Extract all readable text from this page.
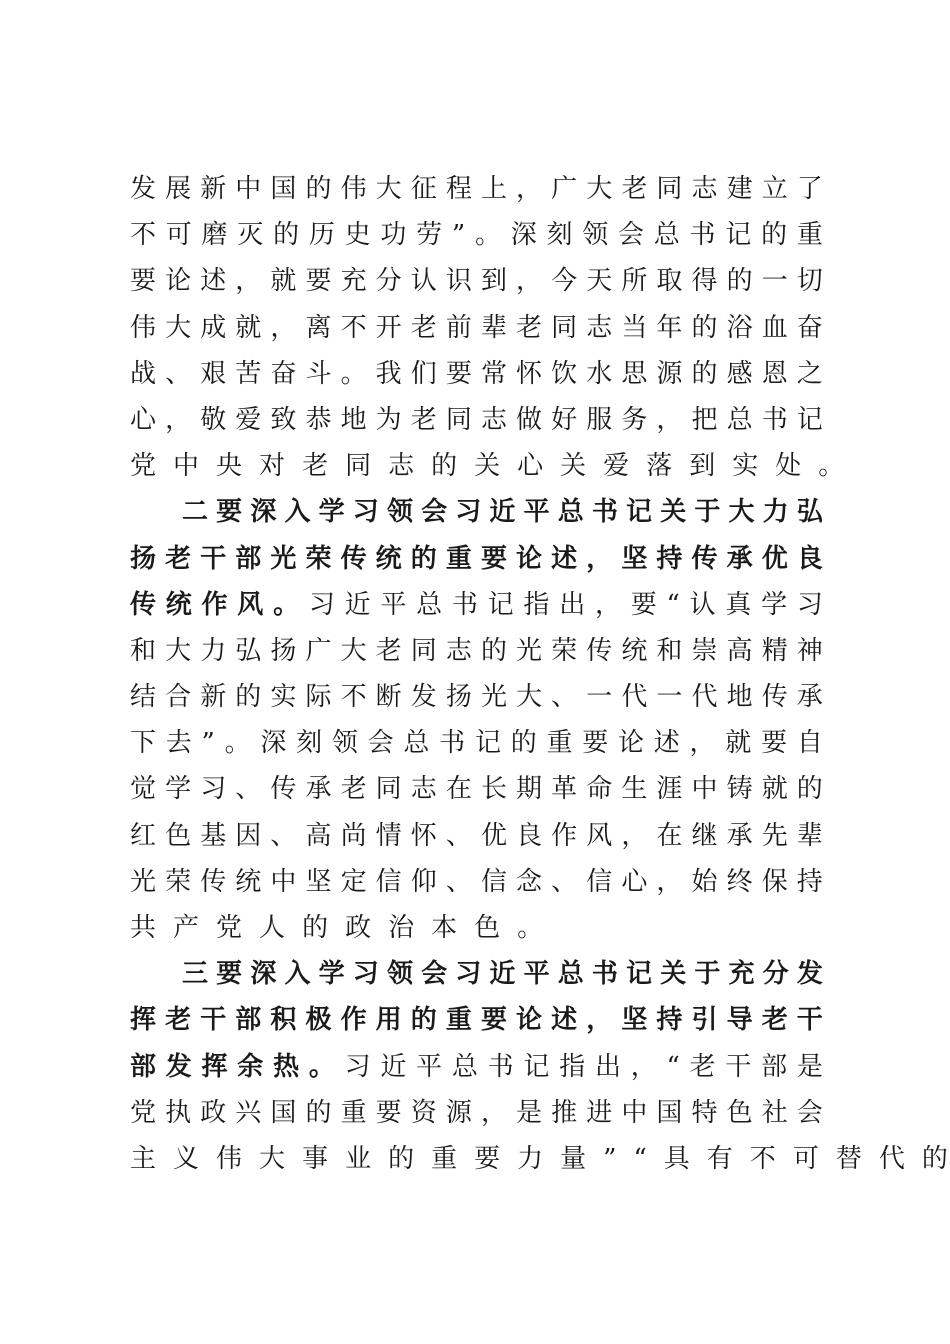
发 展 新 中 国 的 伟 大 征 程 上 ， 广 大 老 同 志 建 立 了
不 可 磨 灭 的 历 史 功 劳 ” 。 深 刻 领 会 总 书 记 的 重
要 论 述 ， 就 要 充 分 认 识 到 ， 今 天 所 取 得 的 一 切
伟 大 成 就 ， 离 不 开 老 前 辈 老 同 志 当 年 的 浴 血 奋
战 、 艰 苦 奋 斗 。 我 们 要 常 怀 饮 水 思 源 的 感 恩 之
心 ， 敬 爱 致 恭 地 为 老 同 志 做 好 服 务 ， 把 总 书 记
党 中 央 对 老 同 志 的 关 心 关 爱 落 到 实 处 。
二 要 深 入 学 习 领 会 习 近 平 总 书 记 关 于 大 力 弘
扬 老 干 部 光 荣 传 统 的 重 要 论 述 ， 坚 持 传 承 优 良
传 统 作 风 。 习 近 平 总 书 记 指 出 ， 要 “ 认 真 学 习
和 大 力 弘 扬 广 大 老 同 志 的 光 荣 传 统 和 崇 高 精 神
结 合 新 的 实 际 不 断 发 扬 光 大 、 一 代 一 代 地 传 承
下 去 ” 。 深 刻 领 会 总 书 记 的 重 要 论 述 ， 就 要 自
觉 学 习 、 传 承 老 同 志 在 长 期 革 命 生 涯 中 铸 就 的
红 色 基 因 、 高 尚 情 怀 、 优 良 作 风 ， 在 继 承 先 辈
光 荣 传 统 中 坚 定 信 仰 、 信 念 、 信 心 ， 始 终 保 持
共 产 党 人 的 政 治 本 色 。
三 要 深 入 学 习 领 会 习 近 平 总 书 记 关 于 充 分 发
挥 老 干 部 积 极 作 用 的 重 要 论 述 ， 坚 持 引 导 老 干
部 发 挥 余 热 。 习 近 平 总 书 记 指 出 ， “ 老 干 部 是
党 执 政 兴 国 的 重 要 资 源 ， 是 推 进 中 国 特 色 社 会
主 义 伟 大 事 业 的 重 要 力 量 ” “ 具 有 不 可 替 代 的
